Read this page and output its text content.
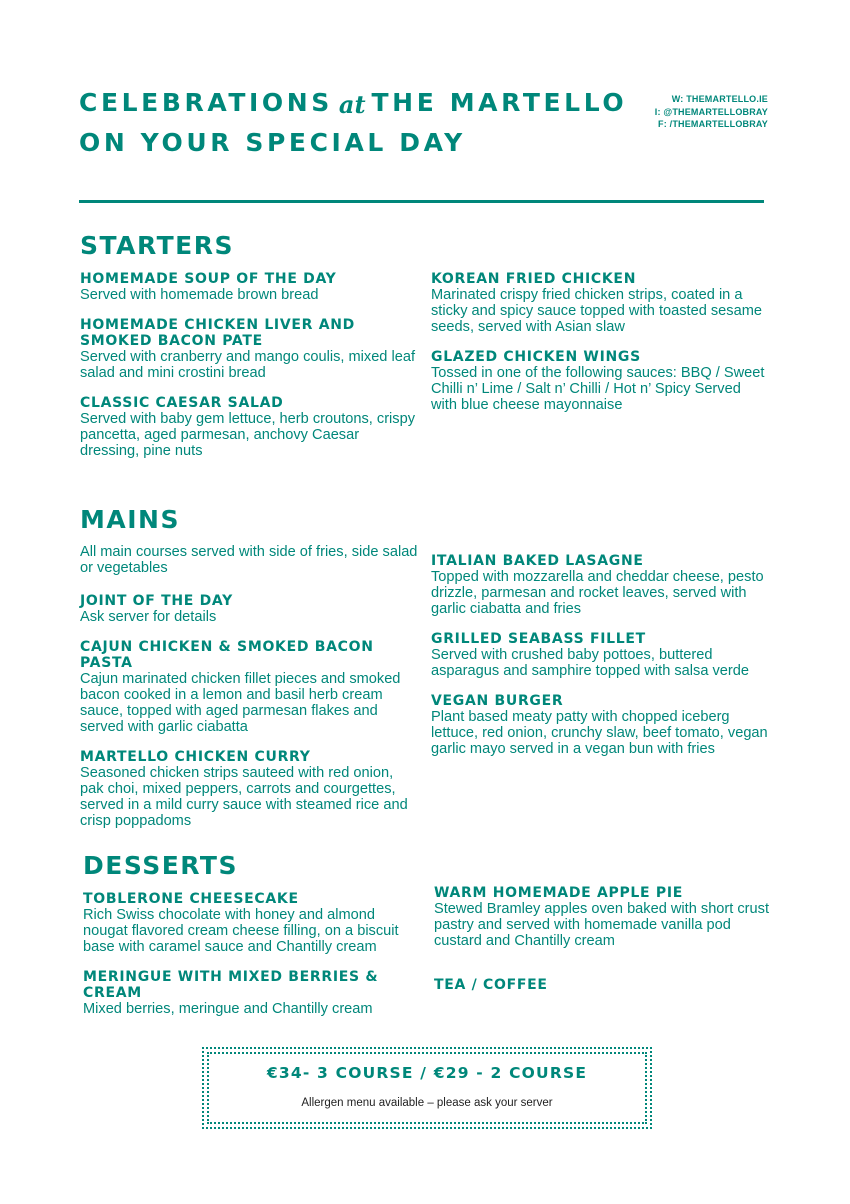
CELEBRATIONS at THE MARTELLO
ON YOUR SPECIAL DAY
W: THEMARTELLO.IE
I: @THEMARTELLOBRAY
F: /THEMARTELLOBRAY
STARTERS

HOMEMADE SOUP OF THE DAY

Served with homemade brown bread

HOMEMADE CHICKEN LIVER AND SMOKED BACON PATE

Served with cranberry and mango coulis, mixed leaf salad and mini crostini bread

CLASSIC CAESAR SALAD

Served with baby gem lettuce, herb croutons, crispy pancetta, aged parmesan, anchovy Caesar dressing, pine nuts

KOREAN FRIED CHICKEN

Marinated crispy fried chicken strips, coated in a sticky and spicy sauce topped with toasted sesame seeds, served with Asian slaw

GLAZED CHICKEN WINGS

Tossed in one of the following sauces: BBQ / Sweet Chilli n’ Lime / Salt n’ Chilli / Hot n’ Spicy Served with blue cheese mayonnaise

MAINS
All main courses served with side of fries, side salad or vegetables

JOINT OF THE DAY

Ask server for details

CAJUN CHICKEN & SMOKED BACON PASTA

Cajun marinated chicken fillet pieces and smoked bacon cooked in a lemon and basil herb cream sauce, topped with aged parmesan flakes and served with garlic ciabatta

MARTELLO CHICKEN CURRY

Seasoned chicken strips sauteed with red onion, pak choi, mixed peppers, carrots and courgettes, served in a mild curry sauce with steamed rice and crisp poppadoms

ITALIAN BAKED LASAGNE

Topped with mozzarella and cheddar cheese, pesto drizzle, parmesan and rocket leaves, served with garlic ciabatta and fries

GRILLED SEABASS FILLET

Served with crushed baby pottoes, buttered asparagus and samphire topped with salsa verde

VEGAN BURGER

Plant based meaty patty with chopped iceberg lettuce, red onion, crunchy slaw, beef tomato, vegan garlic mayo served in a vegan bun with fries

DESSERTS

TOBLERONE CHEESECAKE

Rich Swiss chocolate with honey and almond nougat flavored cream cheese filling, on a biscuit base with caramel sauce and Chantilly cream

MERINGUE WITH MIXED BERRIES & CREAM

Mixed berries, meringue and Chantilly cream

WARM HOMEMADE APPLE PIE

Stewed Bramley apples oven baked with short crust pastry and served with homemade vanilla pod custard and Chantilly cream

TEA / COFFEE

€34- 3 COURSE / €29 - 2 COURSE
Allergen menu available – please ask your server
